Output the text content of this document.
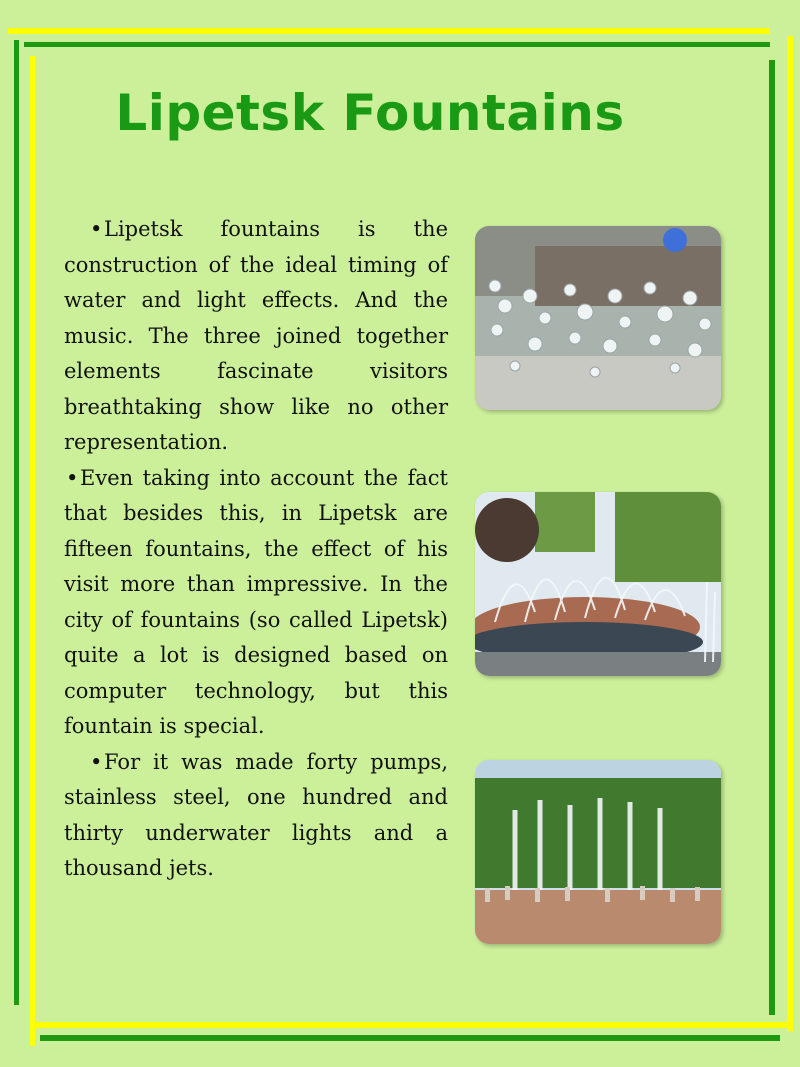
Lipetsk Fountains

• Lipetsk fountains is the construction of the ideal timing of water and light effects. And the music. The three joined together elements fascinate visitors breathtaking show like no other representation.

• Even taking into account the fact that besides this, in Lipetsk are fifteen fountains, the effect of his visit more than impressive. In the city of fountains (so called Lipetsk) quite a lot is designed based on computer technology, but this fountain is special.

• For it was made forty pumps, stainless steel, one hundred and thirty underwater lights and a thousand jets.
